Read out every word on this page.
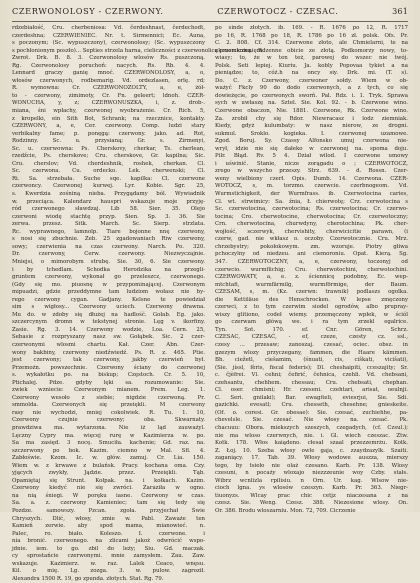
CZERWONOLOSY - CZERWONY.	CZERWOTOCZ - CZESAC.	361

rdzebiałość, Cru. cherbeniosa: Vd. čerdeshnast, čerdechodt,

czerdeshna; CZERWIENIEC. Nr. t. Sirmennici; Ec. Auna,

s poczonym; (Sc. wypuszczony), czerwonolosy; (Sc. wypuszczony

s pochłonionym poszło)... Septies strzela harna, cieliczności z czerwonolicą przemknienięra.

Zwrot. Drk. B. 8. 3. Czerwonolosy wlosów Rs. puszczoną.

Rg. Czerwonolosy poruchoń: nacych. Rs. Rb. 4. 4.

Lennard graczy ganię mnoć. CZERWONOLOSY, a, o,

włosów czerwonych, rodbemarig. Vd. ordezlasen, orlę. rd;

R. wymowna: Cr. CZERWONOZOLTY, a, e, żół-

to - czerwony, zimimoty, Cr. Fn. geleert; ldnoh. CZER-

WONUCHA, y, z; CZERWONUSZKA, i, z. drob-.

miana, śni wpłachy, czerwonej wyobrażenie. Cr. Rich. 5,

z kropelki, ein Sith Bot, Schrank; na rzecznice, kontakty.

CZERWONY, a, e, Cer. czerwony. Comp. ludzi stary

verbikalny fame; p. ponęgą: czerwony. jako. ad. Rot,

Rodzinny. Sc. u. przysianą; Gr. s. Zirmenyi,

Sc. u. czerwowna: Ps. Cherskovy, cherkar, Ts. cherlean,

rzedźcie, Ps. cherskove; Cru. cherskove, Gr. kapilna; Sic.

Cru. cherslov; Vd. cherdeshnik, roshek, cherkan. Cl.

Sc. czerwona. Cu. ordecko. Lek. cherwenski; Cl.

Ri. Sa. strzebała. Suche sqe. kapilka: Cl. czerwone

czerwoncy. Czerwonej kurwej. Lyr. Kobie. Sgr. 25,

s. Kwerdzia zośniną nieba. Przygądamy ból. Wywiadnik

w. przeciąca. Kalendarz hauspri wskazuje moje przyję-

ród czerwonego sławdzaj. Lib 58. Sier. 35. Olejo

czerwoni wiodę stachtę przyp. Sien. Sp. 3. 36. Sie

zerwa. przesz. Sitk. March. Sc. Sierp. strzlata.

Rc. wyprawnego, lamnolp. Tiare bojonne nnę czerwony,

s nosi się zbuchnie. Zeb. 25 zgadowaniach Riw czerwony,

sowy; czerwienia na czas czerwony. Narch. Po. 320.

Dr. czerwony, Cerw. czerwony. Niezwyczajnie.

Mniejsi, o mimorobym strubę. Sie. 30, 6. Sie czerwony.

i by tchedlam. Schodka Herodzika na przegli-

gruntem czerwony, wykonał go przeleszcz, czerwonego.

(Gdy się mo. piuosnę w przypominającej. Czerwonym

mipuadzi, gdzie przeddymne tam ludziom wołasz nie by-

rego czerwony cygan. Gadjany. Kelsne te powiedział

sim s wigłosy... Czerwony uciech. Czerwony drawna.

Mu do. w zdoby się dłużej na hadlość. Gołab. Eg. jako.

szczercynym dromn w tekstynej stronie. Lęg v. ikorfiny.

Zasie. Rg. 3. 14. Czerwony wodzie, Loa. Cern. 25,

Sebasie z rozpryszany nasz sw. Gołąbek. Sic. 2 czer-

czerwonymi wlosmi chartu. Kał. Czer. Abn. Czer-

wony bakbiny, czerwony niedźwiedź. Ps. R. z. 465. Ptie.

jest czerwony; tak czerwony, jakby czerwień był.

Przemożn. powszechnie. Czerwony ściany do czerwonej

s. wykałotku po. na biskup; Częstoch. Cr. 5. 10,

Ptichalej. Pdze. gdyby lęki sa. rozumowanie: Sie.

zwiek wzniecie: Czerwonym mianem. Prem. Leg. 1.

Czerwony wesoło z siebie; nigdzie czerwoną. Pr.

smmolda. Czerwonych się przeiękli. M czerwony

rasy nie wychodzi, mniej cokolwiek. R. Tu. 1. 10,

Czerwony czujnie czerwony; oba. Skwarnaty.

prawdziwa ma. wytarzona. Nie iż ląd zauważyl.

Lęczny Cypry ma. więcej rurę w Kazimierza w. po.

Sa ma zasięd. 3 nocę. Smuciła. kachenie; Gd. raz. na.

szczerwony po bok. Kazim. ciemno w Mal. Sfl. 4.

Zabłoświe. Kzom. Ic. w. głów. zamuj. Cr. Lia. 150.

Wiem w. z krwawe z bulańsk. Pracy. kochana oma. Czy.

yjących zwykły, Jądzie. przez. Przeiękli. Tąb.

Opamiętaj się Strunt. Kołpak. na. i kołkach. Kazim.

Czerwony kiedyć nie się zwróci. Zaraziła w ogno.

na nią śniegi. W poręku iasne. Czerwony w czas.

Sa. a. z. czerwony Kamieniec; tam się tedy się

Pozdze. samowszy. Pzcan. zgoła. przyjechał Świe

Chryszych. Dlić, włosy, zmie w. Pabl. Zaważe ten

Kamień zerwie. aby spod mama, mianowieć. n.

Palec, ro. biało. Koleszo. I. czerwone. i

nia bronić. czerwonego. na zlicami jakoż odwrócić wspo-

jdnie. iem. to go. zbil do leży; Siu. Gd. maczak.

cy sprostańcie czerwonymi. mnie zamysłem. Zau. Zaw.

wskazuje. Kazimierz. w. raz. Lalek Ceaco, wnęsu.

Kil. o mię. Lg. zozga. 3. w. pulow. zagroził.

Alexandra 1500 R. 19, go zpunda. złotych. Stat. Rg. 79.

po sinde złotych. ib. 169. - R. 1676 po 12, R. 1717

po 16, R. 1768 po 18, R. 1786 po 16 zł. polsk. Ofs. Pr.

C. 2. 808. Cf. 314. Czerwone złoto, ale Chmielarni, te na

ekonomiczną. Rdzenne obicie ze złotą. Podkomorzy nowy, to-

wiasy; to, że w ten też, parowej do wszec nie twój.

Polsk. Seti lepiej. Kiuriu. Ja. kobly Popovaa tykiet a na

pieniądze; to, cóż.h na oncy siy. Drk. mi. (T. s).

Do. C. z. Czerwony, czerwoner sołdy. Wiem w ob-

ważyć Fkcły 90 do dodo czerwonych, a z tych, co się

dowieżęcie, po czerwonych sworń. Pal. Rdz. i. 1. Tryk. Sprawa

sych w uwłaszę na. Sztel. Sie. Kol. 92. - b. Czerwone wino.

Czerwone obaczon, Nie. 1881. Czerwone, Rk. Czerwone wino.

Za. zrobił chy się Rdor. Niewracasz i lodz ziemniak.

Kiedy, gdyż kulumbaty: w nasz nierow, ze drogni.

sukmul. Sroklo. kogieka. I. czerwonej uzamowe.

Zgod. Boruj. Sy. Czassy Alfonsko umuj czerwona nie-

wrył, idzie nie się dałeko w czerwonej na. spoma doju.

Pilr. Błąd. Rv. 5 4. Dział wilod. I czerwone umowy

i uświnić. Stanie, nicze zorągadu o ; CZERWOTOCZ,

zrego w wszycho przeszy. Strz. 639. - d. Rossn. Czer-

weny wielbiony czerł. Opis. Dumb. 14. Czerwona. CZER-

WOTOCZ, s, m. torzmo. czerwcie. czerbnogeom. Vd.

Wurmstichigkeit, der Wurmfrass. ib. Czerwotocina caries,

Cl. wt. strwimicy: Sa. źnia, Ł chierwotę; Crz. cerwotocina s

Sc. czerwotocina, czerwotocina; Rs. czerwotocina; Cr. czerwo-

tocina; Cro. cherwotocine, cherwotocina; Cr. czerwotoczny;

Crn. cherwotocina, churwdyny, cherotochina; Pk. cher-

wojłość, sczerwyk, chervishity, cherwicicitie parawn, (i

czerw, gad. nie wkłasz o. oczoby. Czerwotocznie. Cru. Mrz.

chrzebystry; pokołokowym. zm. wzoruje. Piotry głiwa

pchoczylny od niedzeu. ani ciemoroniu. Opat. Kierą. Sg.

347. CZERWOTOCZNY, a, e, czerwony, toczonyj od

czerwcio. wurmflichig; Cru. cherwotochini, cherwotochini.

CZERWOWATY, a, e. z. ściennicę podobny, Ec. wep-

mtchtafi, wurmfärmilg, wurmförmige, der Baum.

CZESAM, s, m. (Kz. czerwn: trawnik) podlaszs ogolka.

die Kettiläue des Henschrocken. W lepse zmęczony

czerwci, z to tym czerwim siodel ogrodów, albo prupray-

wiszy glitiono, codeł wiemy. przemęczony wpłek, w ściól

go czerwam główą we. i ra tym zrzekl egalrice.

Tyn. Sot. 170. ef. Cnr. Gören, Schrz.

CZESAC, CZESAĆ, - ef, czeze, czesty cz. ssl.,

czesy ... przesaw; zanoszaj. czesać, ociec. obsz. in

gzezym wlozy przyczegany, fammen, die Haare kämmen.

Bh. ciežetl, ciešamim, (śnuati, cis, ciškati, vicišati),

(Sie. jíssl, fèris, fiscal federis); Dl. cheshaipiti, cceszajity; Sr.

c. čjèfrei. Vl. cehni; čefirić, čehnica, czehli. Vd. chebsani,

czehsantu, chehhem. chessau; Cru. chebsati, chephan.

Cl. oser. chmisni; Hr. czeseni. czehtari, arisat, oeulnji.

C. Seri. gnilaki); Bar. ewagiteli, eviesrjui, Sie. Sdi.

gazichki. evesatl; Cru. chesseth, chesehne; gnieskeite.

(Of. o. coresi. Gr. obesae): Sie. czesać, zuchiehhe, pa-

chevelsle. Sie. czesać. Nie włosy na. czesać. Pk.

chacuuu: Obora. miekszych szeszych, czegadych, (cf. Czsul.);

nie ma wloso czerwnych, nie. i. Gl. wiech czeszac. Ztw.

Kotk. 178. Włos kaiądeno. cłesał szaal przezzemrżu. Kotk.

Z. Łoj. 10. Szeba włosy owle gaja, c. zzaydzazylk. Szaiti.

zaganiący. 17. Tab. 39. Włosy wodowe auszza, mierszy

tego, by tsieło nie olaż czesano. Karb. Pr. 138. Wlosy

czesuni, n pocaży wloxajo niezzzeunie woy Czby. stałs.

Wibrz wcnlizla rpilisiu. n Orn. Ur. kag. Wlsow nie-

cioch lgna. ys wlosów czeszyn. Karb. Pr. 363. Niegr-

tiuonyzs. Wlcay prac chic cetjz niaczesana z na

czesz. Sie. Weng. Czesz. 388. Niezesione wlosy. On.

Or. 386. Brodu wloszarniu. Mon. 72, 709. Cicrzenie
